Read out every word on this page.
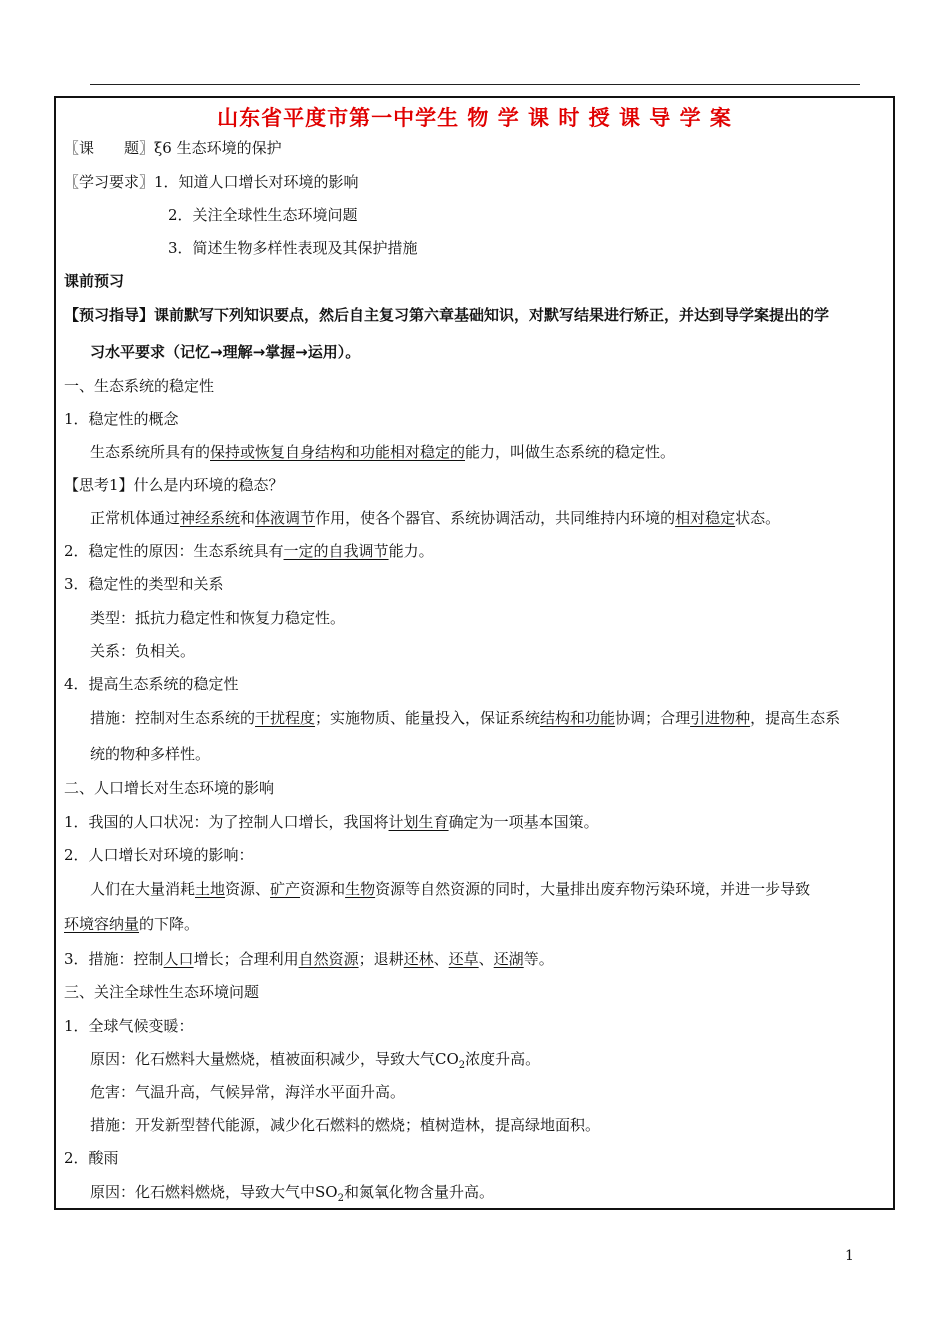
山东省平度市第一中学生 物 学 课 时 授 课 导 学 案
〖课　　题〗ξ6 生态环境的保护
〖学习要求〗1．知道人口增长对环境的影响
2．关注全球性生态环境问题
3．简述生物多样性表现及其保护措施
课前预习
【预习指导】课前默写下列知识要点，然后自主复习第六章基础知识，对默写结果进行矫正，并达到导学案提出的学
习水平要求（记忆→理解→掌握→运用）。
一、生态系统的稳定性
1．稳定性的概念
生态系统所具有的保持或恢复自身结构和功能相对稳定的能力，叫做生态系统的稳定性。
【思考1】什么是内环境的稳态？
正常机体通过神经系统和体液调节作用，使各个器官、系统协调活动，共同维持内环境的相对稳定状态。
2．稳定性的原因：生态系统具有一定的自我调节能力。
3．稳定性的类型和关系
类型：抵抗力稳定性和恢复力稳定性。
关系：负相关。
4．提高生态系统的稳定性
措施：控制对生态系统的干扰程度；实施物质、能量投入，保证系统结构和功能协调；合理引进物种，提高生态系
统的物种多样性。
二、人口增长对生态环境的影响
1．我国的人口状况：为了控制人口增长，我国将计划生育确定为一项基本国策。
2．人口增长对环境的影响：
人们在大量消耗土地资源、矿产资源和生物资源等自然资源的同时，大量排出废弃物污染环境，并进一步导致
环境容纳量的下降。
3．措施：控制人口增长；合理利用自然资源；退耕还林、还草、还湖等。
三、关注全球性生态环境问题
1．全球气候变暖：
原因：化石燃料大量燃烧，植被面积减少，导致大气$CO_2$浓度升高。
危害：气温升高，气候异常，海洋水平面升高。
措施：开发新型替代能源，减少化石燃料的燃烧；植树造林，提高绿地面积。
2．酸雨
原因：化石燃料燃烧，导致大气中$SO_2$和氮氧化物含量升高。
1
